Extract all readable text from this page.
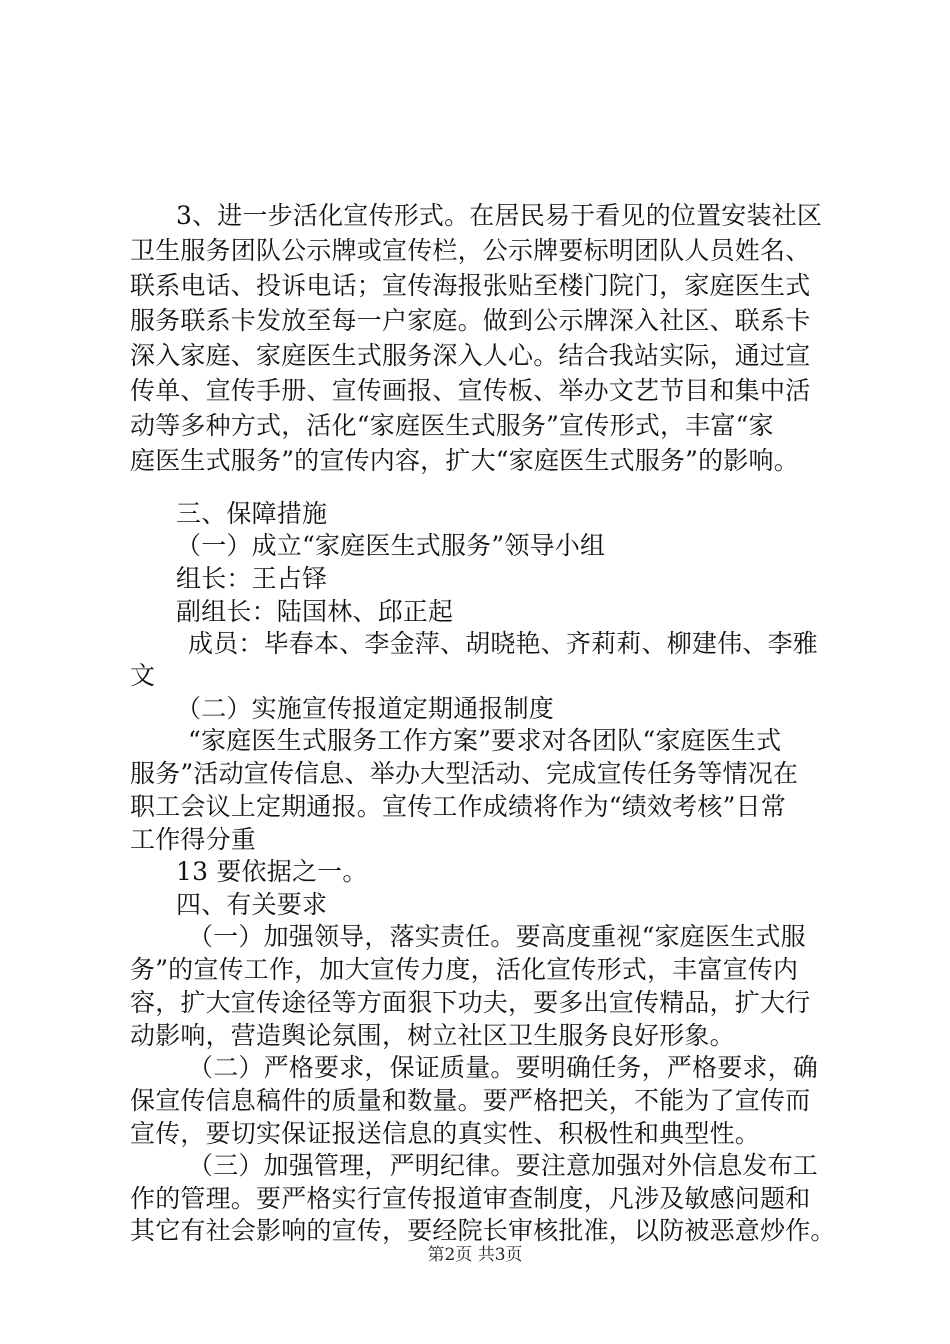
3、进一步活化宣传形式。在居民易于看见的位置安装社区
卫生服务团队公示牌或宣传栏，公示牌要标明团队人员姓名、
联系电话、投诉电话；宣传海报张贴至楼门院门，家庭医生式
服务联系卡发放至每一户家庭。做到公示牌深入社区、联系卡
深入家庭、家庭医生式服务深入人心。结合我站实际，通过宣
传单、宣传手册、宣传画报、宣传板、举办文艺节目和集中活
动等多种方式，活化“家庭医生式服务”宣传形式，丰富“家
庭医生式服务”的宣传内容，扩大“家庭医生式服务”的影响。
三、保障措施
（一）成立“家庭医生式服务”领导小组
组长：王占铎
副组长：陆国林、邱正起
成员：毕春本、李金萍、胡晓艳、齐莉莉、柳建伟、李雅
文
（二）实施宣传报道定期通报制度
“家庭医生式服务工作方案”要求对各团队“家庭医生式
服务”活动宣传信息、举办大型活动、完成宣传任务等情况在
职工会议上定期通报。宣传工作成绩将作为“绩效考核”日常
工作得分重
13 要依据之一。
四、有关要求
（一）加强领导，落实责任。要高度重视“家庭医生式服
务”的宣传工作，加大宣传力度，活化宣传形式，丰富宣传内
容，扩大宣传途径等方面狠下功夫，要多出宣传精品，扩大行
动影响，营造舆论氛围，树立社区卫生服务良好形象。
（二）严格要求，保证质量。要明确任务，严格要求，确
保宣传信息稿件的质量和数量。要严格把关，不能为了宣传而
宣传，要切实保证报送信息的真实性、积极性和典型性。
（三）加强管理，严明纪律。要注意加强对外信息发布工
作的管理。要严格实行宣传报道审查制度，凡涉及敏感问题和
其它有社会影响的宣传，要经院长审核批准，以防被恶意炒作。
第2页 共3页
